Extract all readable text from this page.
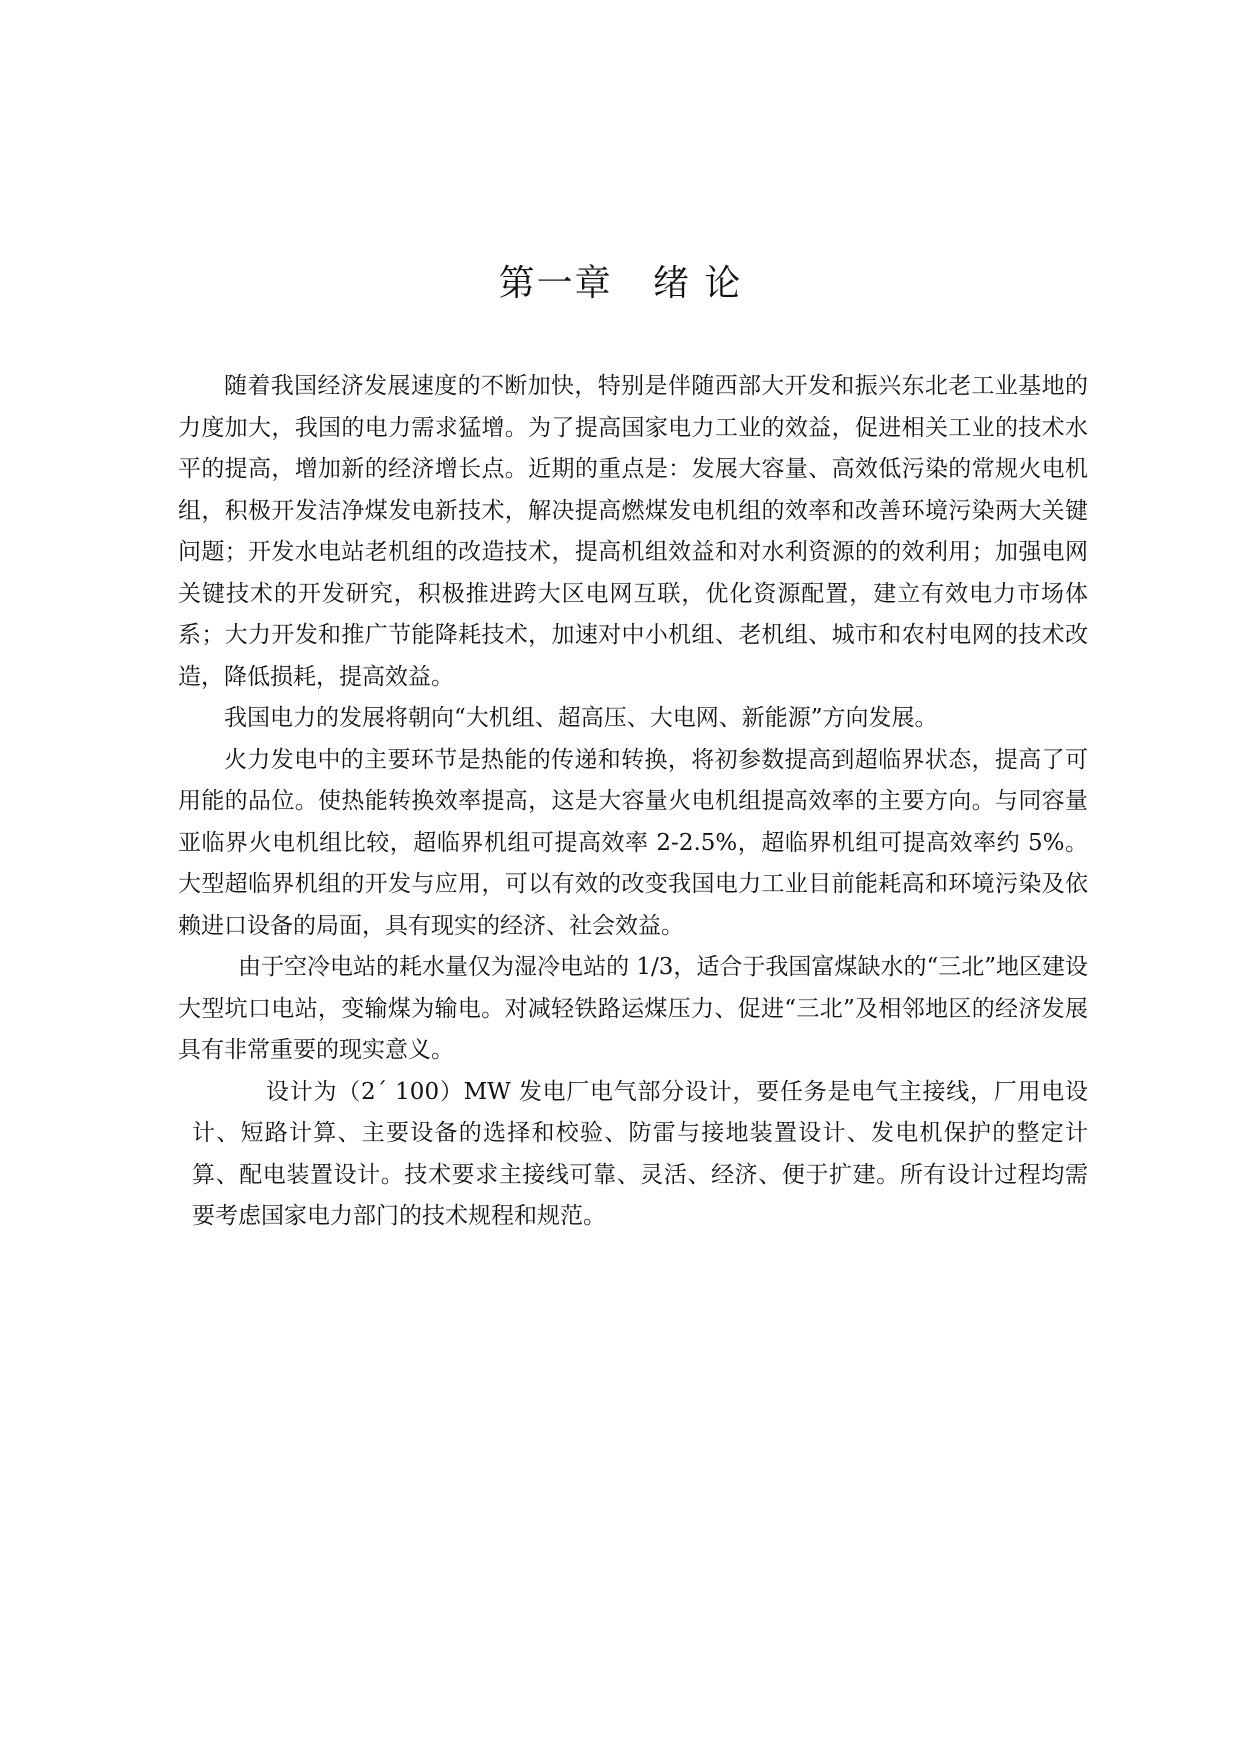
第一章   绪 论

随着我国经济发展速度的不断加快，特别是伴随西部大开发和振兴东北老工业基地的力度加大，我国的电力需求猛增。为了提高国家电力工业的效益，促进相关工业的技术水平的提高，增加新的经济增长点。近期的重点是：发展大容量、高效低污染的常规火电机组，积极开发洁净煤发电新技术，解决提高燃煤发电机组的效率和改善环境污染两大关键问题；开发水电站老机组的改造技术，提高机组效益和对水利资源的的效利用；加强电网关键技术的开发研究，积极推进跨大区电网互联，优化资源配置，建立有效电力市场体系；大力开发和推广节能降耗技术，加速对中小机组、老机组、城市和农村电网的技术改造，降低损耗，提高效益。

我国电力的发展将朝向“大机组、超高压、大电网、新能源”方向发展。

火力发电中的主要环节是热能的传递和转换，将初参数提高到超临界状态，提高了可用能的品位。使热能转换效率提高，这是大容量火电机组提高效率的主要方向。与同容量亚临界火电机组比较，超临界机组可提高效率 2-2.5%，超临界机组可提高效率约 5%。 大型超临界机组的开发与应用，可以有效的改变我国电力工业目前能耗高和环境污染及依赖进口设备的局面，具有现实的经济、社会效益。

由于空冷电站的耗水量仅为湿冷电站的 1/3，适合于我国富煤缺水的“三北”地区建设大型坑口电站，变输煤为输电。对减轻铁路运煤压力、促进“三北”及相邻地区的经济发展具有非常重要的现实意义。

设计为（2´ 100）MW 发电厂电气部分设计，要任务是电气主接线，厂用电设计、短路计算、主要设备的选择和校验、防雷与接地装置设计、发电机保护的整定计算、配电装置设计。技术要求主接线可靠、灵活、经济、便于扩建。所有设计过程均需要考虑国家电力部门的技术规程和规范。
